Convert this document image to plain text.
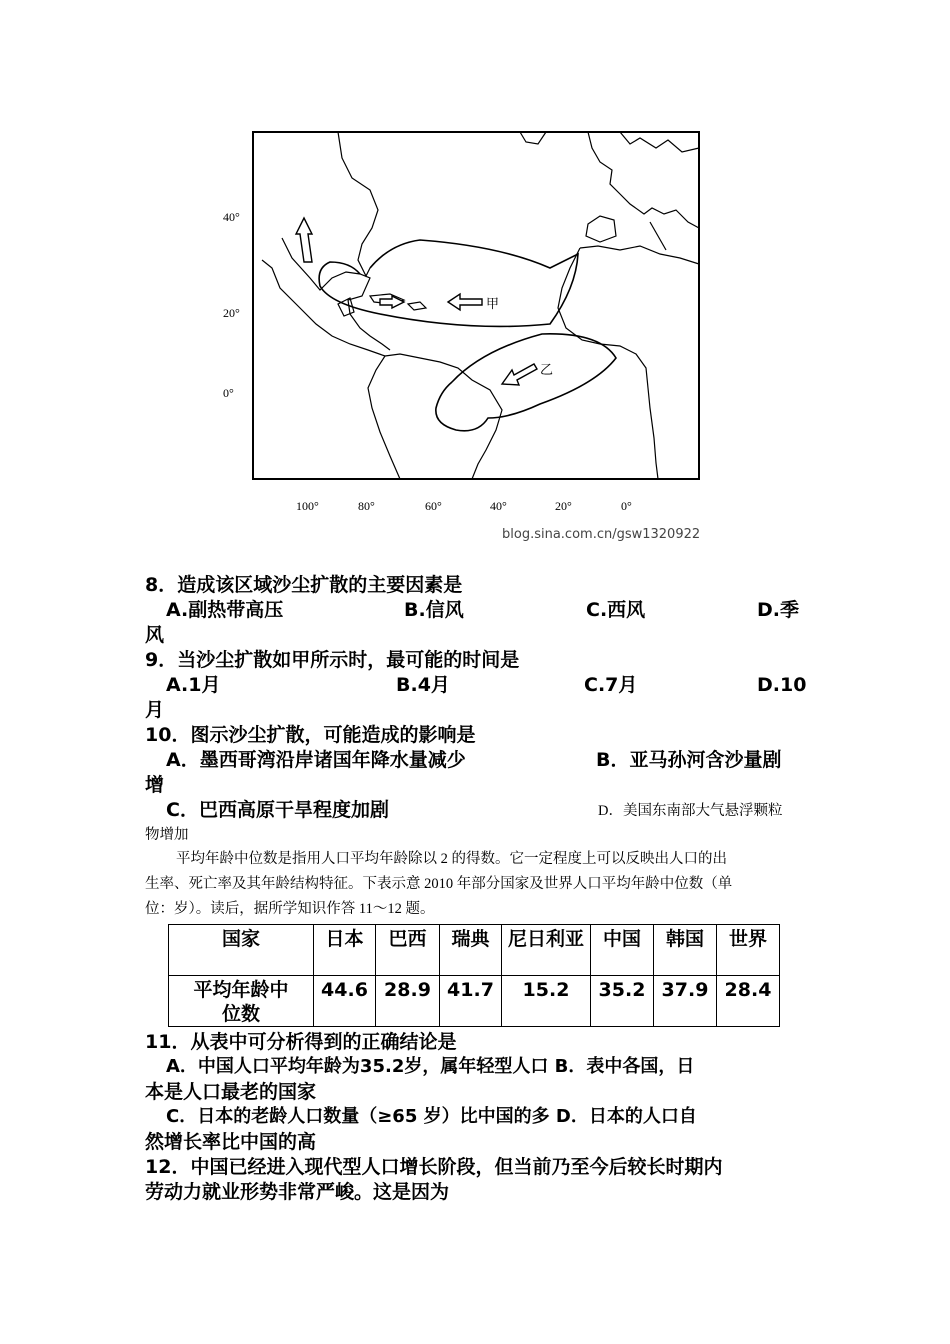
40°
20°
0°
100°	80°	60°	40°	20°	0°
甲
乙
blog.sina.com.cn/gsw1320922
8．造成该区域沙尘扩散的主要因素是
A.副热带高压	B.信风	C.西风	D.季
风
9．当沙尘扩散如甲所示时，最可能的时间是
A.1月	B.4月	C.7月	D.10
月
10．图示沙尘扩散，可能造成的影响是
A．墨西哥湾沿岸诸国年降水量减少	B．亚马孙河含沙量剧
增
C．巴西高原干旱程度加剧	D．美国东南部大气悬浮颗粒
物增加
平均年龄中位数是指用人口平均年龄除以 2 的得数。它一定程度上可以反映出人口的出
生率、死亡率及其年龄结构特征。下表示意 2010 年部分国家及世界人口平均年龄中位数（单
位：岁）。读后，据所学知识作答 11～12 题。
国家	日本	巴西	瑞典	尼日利亚	中国	韩国	世界

平均年龄中
位数	44.6	28.9	41.7	15.2	35.2	37.9	28.4
11．从表中可分析得到的正确结论是
A．中国人口平均年龄为35.2岁，属年轻型人口 B．表中各国，日
本是人口最老的国家
C．日本的老龄人口数量（≥65 岁）比中国的多 D．日本的人口自
然增长率比中国的高
12．中国已经进入现代型人口增长阶段，但当前乃至今后较长时期内
劳动力就业形势非常严峻。这是因为
